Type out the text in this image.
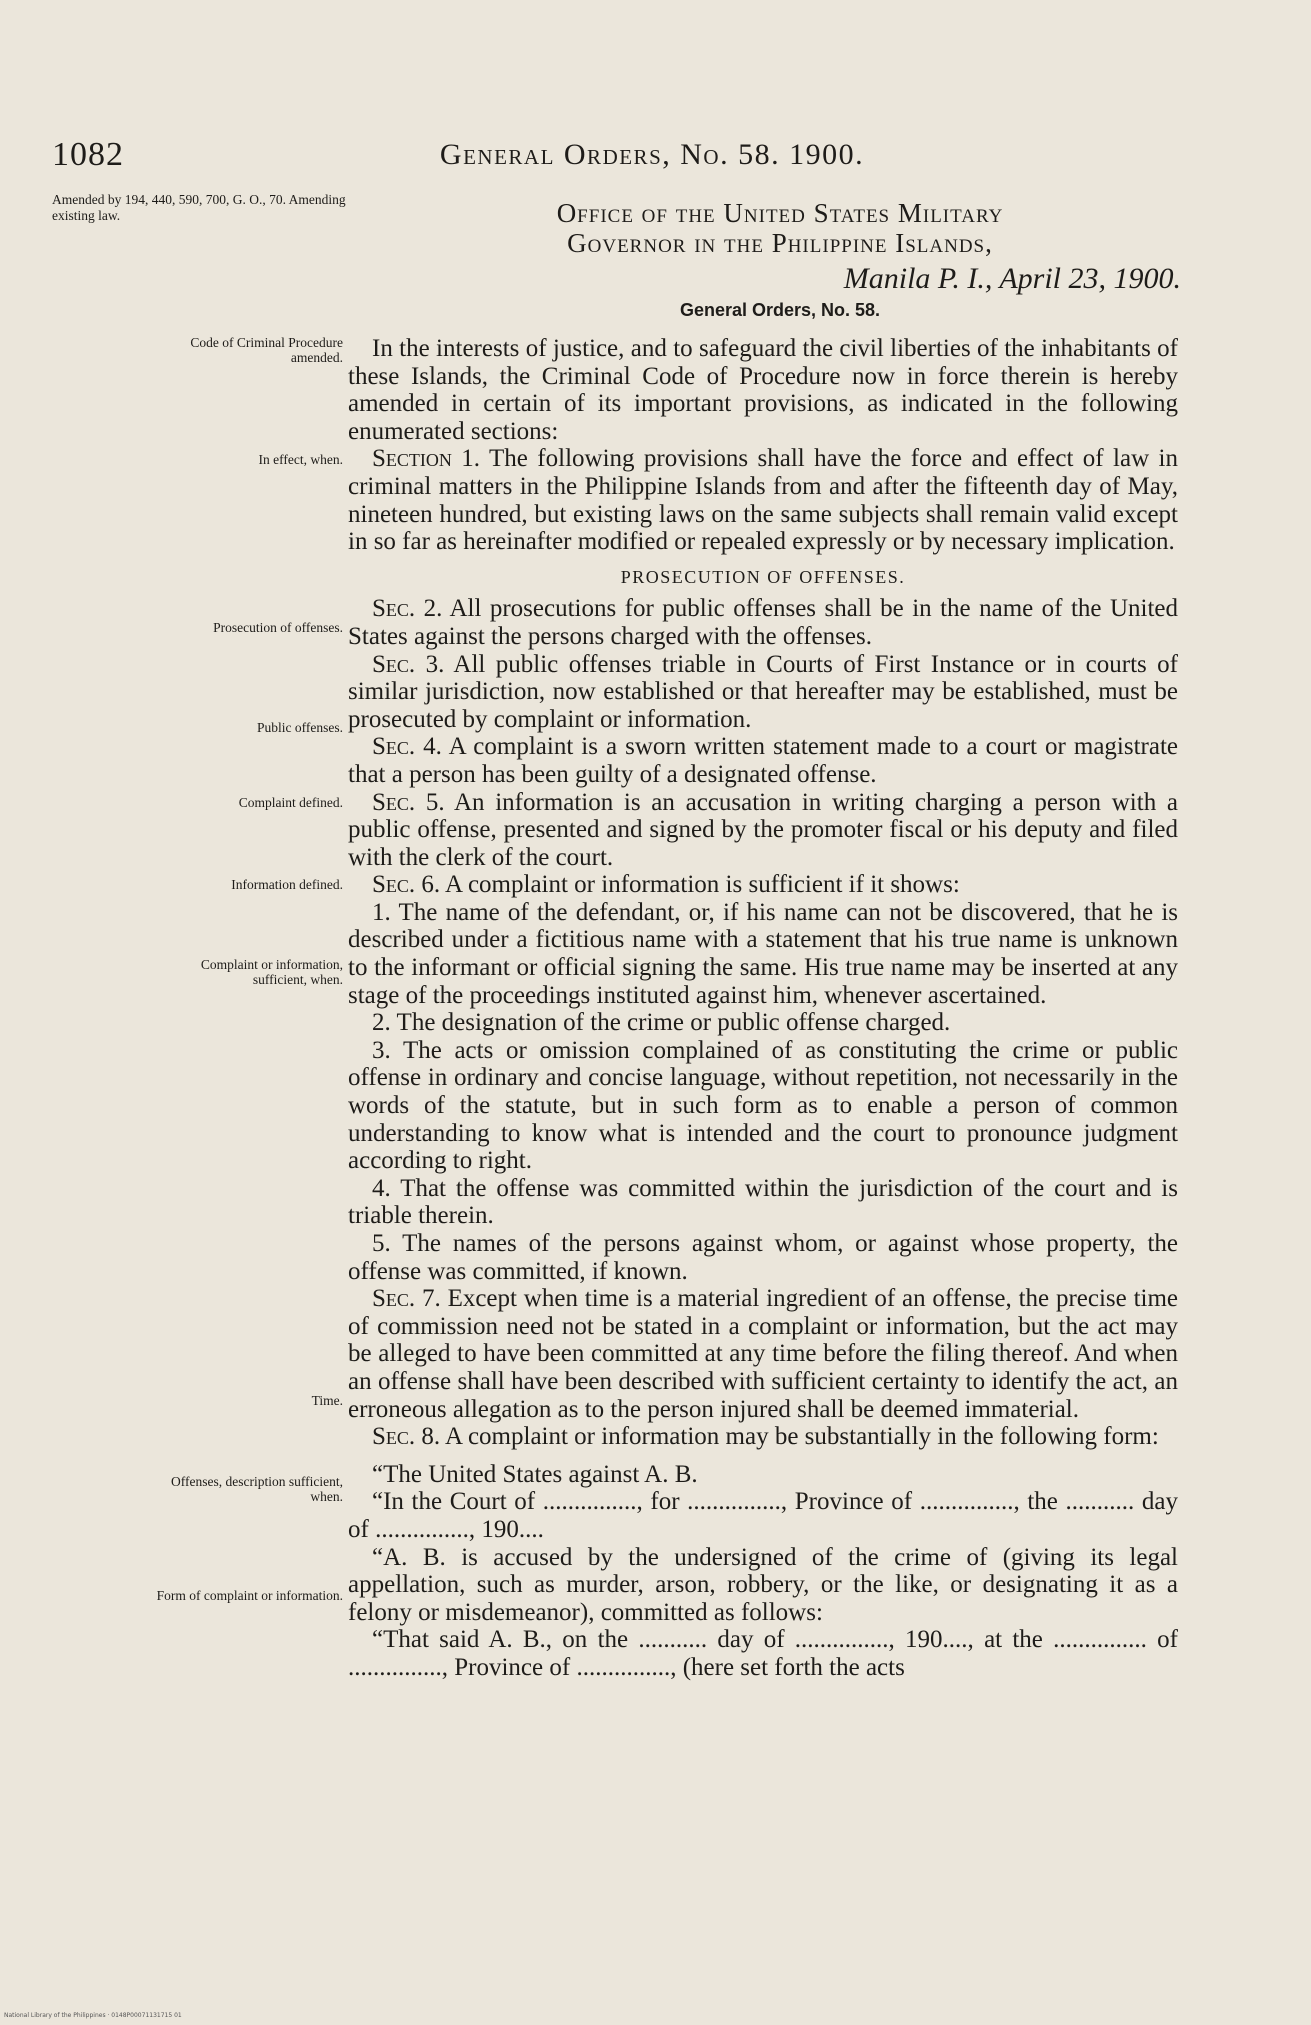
1082	General Orders, No. 58. 1900.
Amended by 194, 440, 590, 700, G. O., 70. Amending existing law.	Office of the United States Military
Governor in the Philippine Islands,
Manila P. I., April 23, 1900.
General Orders, No. 58.
Code of Criminal Procedure amended.
In effect, when.
Prosecution of offenses.
Public offenses.
Complaint defined.
Information defined.
Complaint or information, sufficient, when.
Time.
Offenses, description sufficient, when.
Form of complaint or information.

In the interests of justice, and to safeguard the civil liberties of the inhabitants of these Islands, the Criminal Code of Procedure now in force therein is hereby amended in certain of its important provisions, as indicated in the following enumerated sections:

Section 1. The following provisions shall have the force and effect of law in criminal matters in the Philippine Islands from and after the fifteenth day of May, nineteen hundred, but existing laws on the same subjects shall remain valid except in so far as hereinafter modified or repealed expressly or by necessary implication.

PROSECUTION OF OFFENSES.

Sec. 2. All prosecutions for public offenses shall be in the name of the United States against the persons charged with the offenses.

Sec. 3. All public offenses triable in Courts of First Instance or in courts of similar jurisdiction, now established or that hereafter may be established, must be prosecuted by complaint or information.

Sec. 4. A complaint is a sworn written statement made to a court or magistrate that a person has been guilty of a designated offense.

Sec. 5. An information is an accusation in writing charging a person with a public offense, presented and signed by the promoter fiscal or his deputy and filed with the clerk of the court.

Sec. 6. A complaint or information is sufficient if it shows:

1. The name of the defendant, or, if his name can not be discovered, that he is described under a fictitious name with a statement that his true name is unknown to the informant or official signing the same. His true name may be inserted at any stage of the proceedings instituted against him, whenever ascertained.

2. The designation of the crime or public offense charged.

3. The acts or omission complained of as constituting the crime or public offense in ordinary and concise language, without repetition, not necessarily in the words of the statute, but in such form as to enable a person of common understanding to know what is intended and the court to pronounce judgment according to right.

4. That the offense was committed within the jurisdiction of the court and is triable therein.

5. The names of the persons against whom, or against whose property, the offense was committed, if known.

Sec. 7. Except when time is a material ingredient of an offense, the precise time of commission need not be stated in a complaint or information, but the act may be alleged to have been committed at any time before the filing thereof. And when an offense shall have been described with sufficient certainty to identify the act, an erroneous allegation as to the person injured shall be deemed immaterial.

Sec. 8. A complaint or information may be substantially in the following form:

“The United States against A. B.

“In the Court of ..............., for ..............., Province of ..............., the ........... day of ..............., 190....

“A. B. is accused by the undersigned of the crime of (giving its legal appellation, such as murder, arson, robbery, or the like, or designating it as a felony or misdemeanor), committed as follows:

“That said A. B., on the ........... day of ..............., 190...., at the ............... of ..............., Province of ..............., (here set forth the acts

National Library of the Philippines · 0148P00071131715 01
